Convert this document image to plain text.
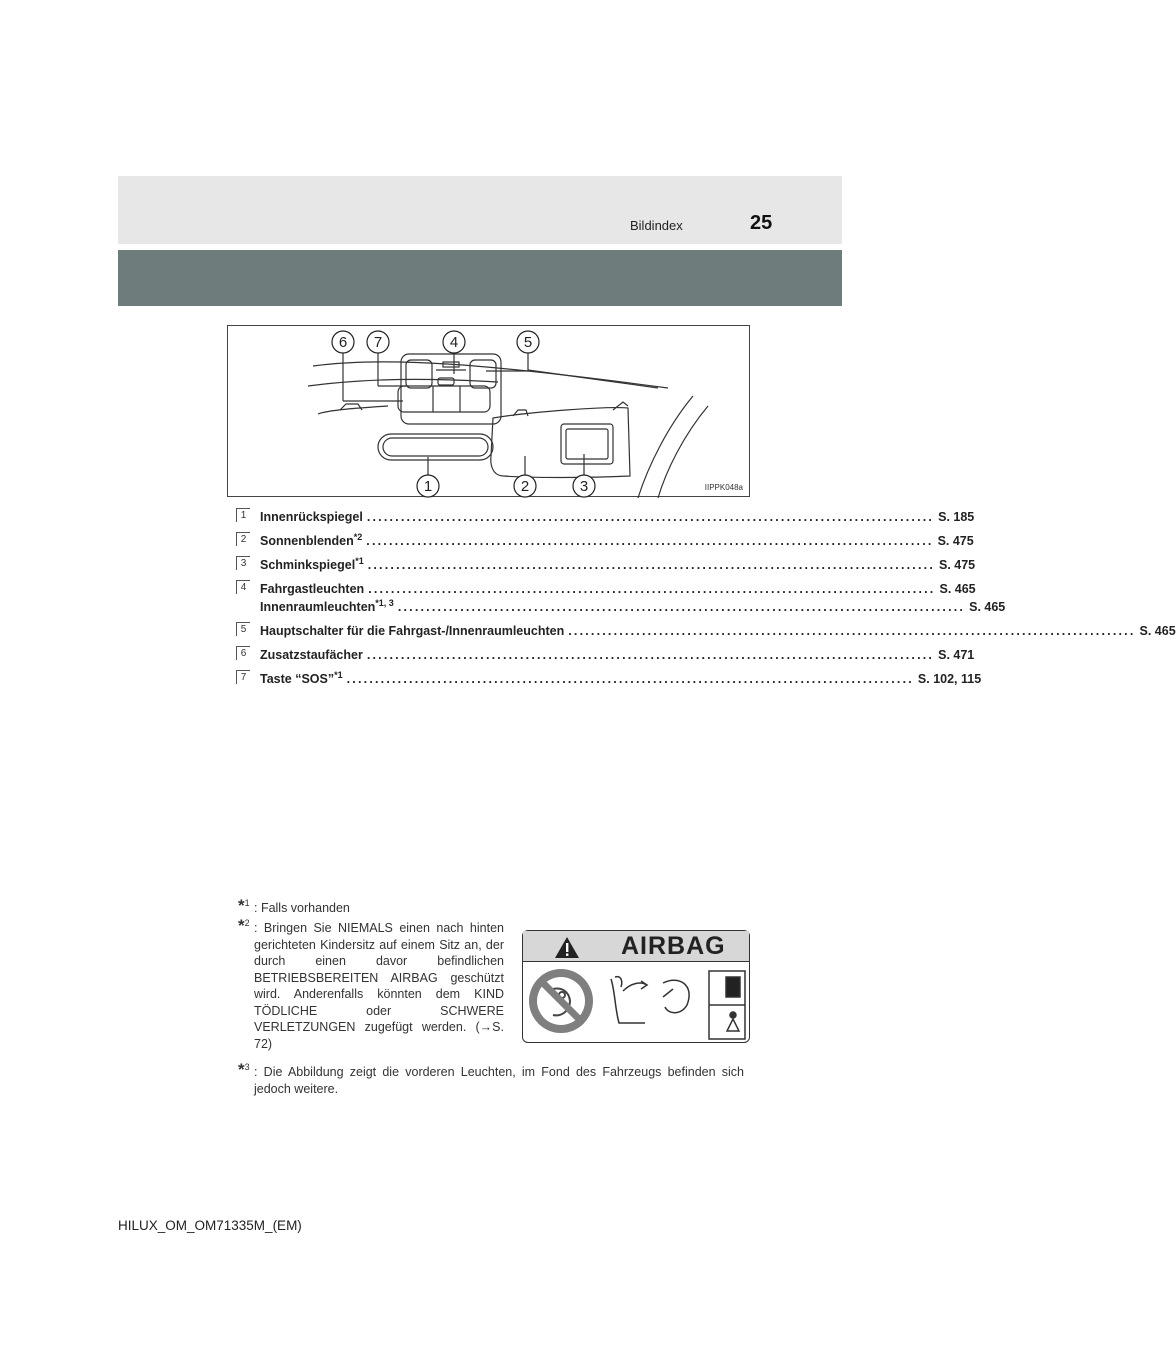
Bildindex	25
6 7	4	5
1	2	3	IIPPK048a
1 Innenrückspiegel .................................................................................................... S. 185
2 Sonnenblenden$^{*2}$ .................................................................................................... S. 475
3 Schminkspiegel$^{*1}$ .................................................................................................... S. 475
4 Fahrgastleuchten .................................................................................................... S. 465
Innenraumleuchten$^{*1, 3}$ .................................................................................................... S. 465
5 Hauptschalter für die Fahrgast-/Innenraumleuchten .................................................................................................... S. 465
6 Zusatzstaufächer .................................................................................................... S. 471
7 Taste “SOS”$^{*1}$ .................................................................................................... S. 102, 115
*$^1$ : Falls vorhanden
*$^2$ : Bringen Sie NIEMALS einen nach hinten gerichteten Kindersitz auf einem Sitz an, der durch einen davor befindlichen BETRIEBSBEREITEN AIRBAG geschützt wird. Anderenfalls könnten dem KIND TÖDLICHE oder SCHWERE VERLETZUNGEN zugefügt werden. (→S. 72)
*$^3$ : Die Abbildung zeigt die vorderen Leuchten, im Fond des Fahrzeugs befinden sich jedoch weitere.
AIRBAG
HILUX_OM_OM71335M_(EM)
